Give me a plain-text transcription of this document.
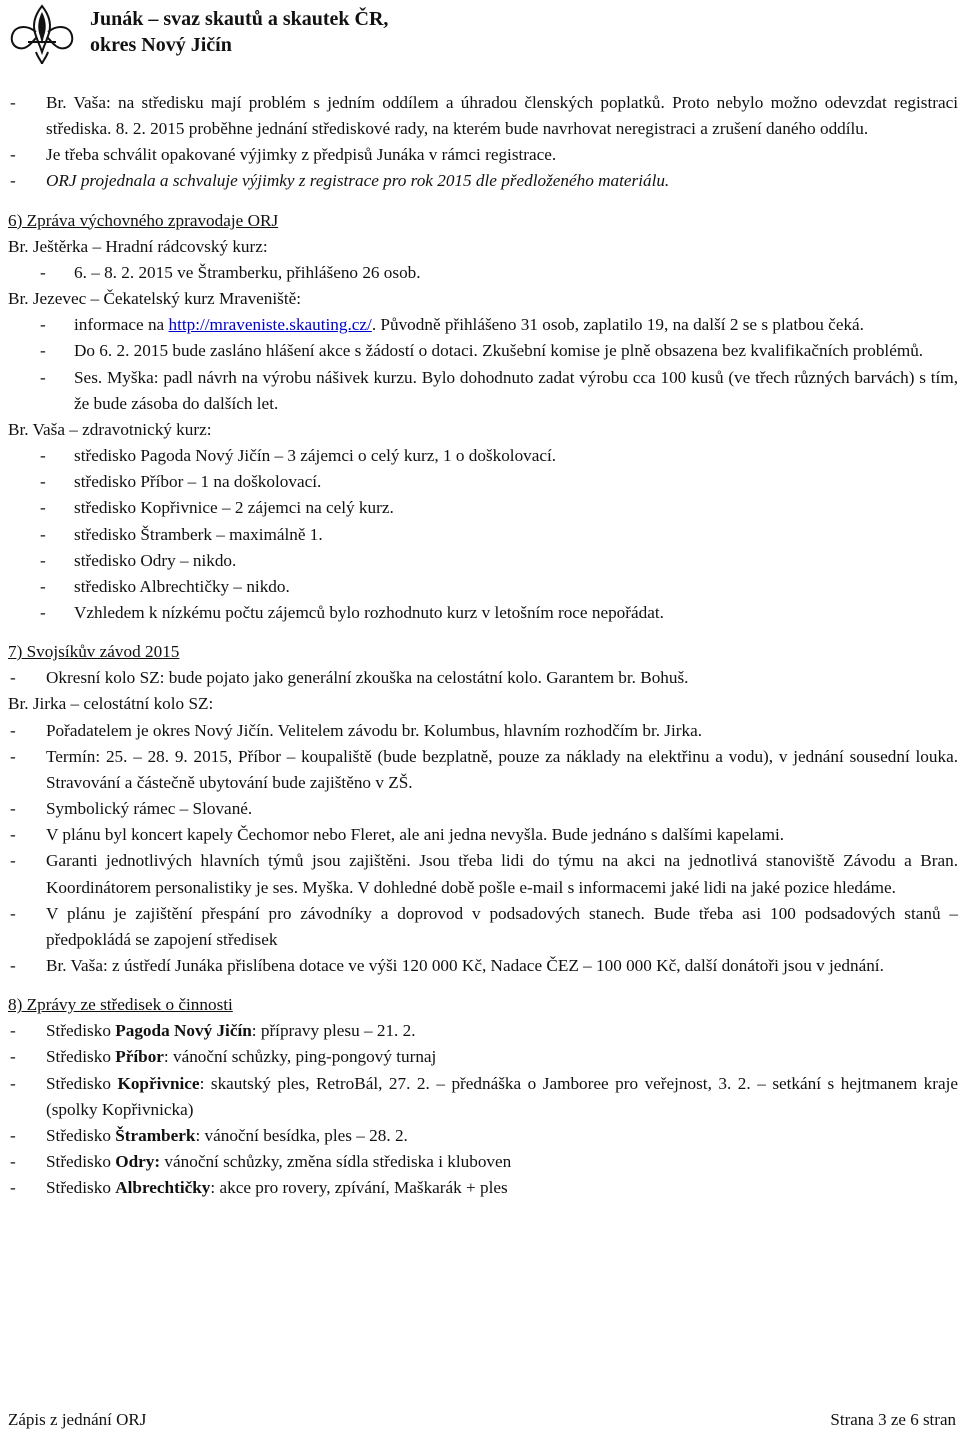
Junák – svaz skautů a skautek ČR,
okres Nový Jičín
- Br. Vaša: na středisku mají problém s jedním oddílem a úhradou členských poplatků. Proto nebylo možno odevzdat registraci střediska. 8. 2. 2015 proběhne jednání střediskové rady, na kterém bude navrhovat neregistraci a zrušení daného oddílu.
- Je třeba schválit opakované výjimky z předpisů Junáka v rámci registrace.
- ORJ projednala a schvaluje výjimky z registrace pro rok 2015 dle předloženého materiálu.
6) Zpráva výchovného zpravodaje ORJ
Br. Ještěrka – Hradní rádcovský kurz:
- 6. – 8. 2. 2015 ve Štramberku, přihlášeno 26 osob.
Br. Jezevec – Čekatelský kurz Mraveniště:
- informace na http://mraveniste.skauting.cz/. Původně přihlášeno 31 osob, zaplatilo 19, na další 2 se s platbou čeká.
- Do 6. 2. 2015 bude zasláno hlášení akce s žádostí o dotaci. Zkušební komise je plně obsazena bez kvalifikačních problémů.
- Ses. Myška: padl návrh na výrobu nášivek kurzu. Bylo dohodnuto zadat výrobu cca 100 kusů (ve třech různých barvách) s tím, že bude zásoba do dalších let.
Br. Vaša – zdravotnický kurz:
- středisko Pagoda Nový Jičín – 3 zájemci o celý kurz, 1 o doškolovací.
- středisko Příbor – 1 na doškolovací.
- středisko Kopřivnice – 2 zájemci na celý kurz.
- středisko Štramberk – maximálně 1.
- středisko Odry – nikdo.
- středisko Albrechtičky – nikdo.
- Vzhledem k nízkému počtu zájemců bylo rozhodnuto kurz v letošním roce nepořádat.
7) Svojsíkův závod 2015
- Okresní kolo SZ: bude pojato jako generální zkouška na celostátní kolo. Garantem br. Bohuš.
Br. Jirka – celostátní kolo SZ:
- Pořadatelem je okres Nový Jičín. Velitelem závodu br. Kolumbus, hlavním rozhodčím br. Jirka.
- Termín: 25. – 28. 9. 2015, Příbor – koupaliště (bude bezplatně, pouze za náklady na elektřinu a vodu), v jednání sousední louka. Stravování a částečně ubytování bude zajištěno v ZŠ.
- Symbolický rámec – Slované.
- V plánu byl koncert kapely Čechomor nebo Fleret, ale ani jedna nevyšla. Bude jednáno s dalšími kapelami.
- Garanti jednotlivých hlavních týmů jsou zajištěni. Jsou třeba lidi do týmu na akci na jednotlivá stanoviště Závodu a Bran. Koordinátorem personalistiky je ses. Myška. V dohledné době pošle e-mail s informacemi jaké lidi na jaké pozice hledáme.
- V plánu je zajištění přespání pro závodníky a doprovod v podsadových stanech. Bude třeba asi 100 podsadových stanů – předpokládá se zapojení středisek
- Br. Vaša: z ústředí Junáka přislíbena dotace ve výši 120 000 Kč, Nadace ČEZ – 100 000 Kč, další donátoři jsou v jednání.
8) Zprávy ze středisek o činnosti
- Středisko Pagoda Nový Jičín: přípravy plesu – 21. 2.
- Středisko Příbor: vánoční schůzky, ping-pongový turnaj
- Středisko Kopřivnice: skautský ples, RetroBál, 27. 2. – přednáška o Jamboree pro veřejnost, 3. 2. – setkání s hejtmanem kraje (spolky Kopřivnicka)
- Středisko Štramberk: vánoční besídka, ples – 28. 2.
- Středisko Odry: vánoční schůzky, změna sídla střediska i kluboven
- Středisko Albrechtičky: akce pro rovery, zpívání, Maškarák + ples
Zápis z jednání ORJ	Strana 3 ze 6 stran
